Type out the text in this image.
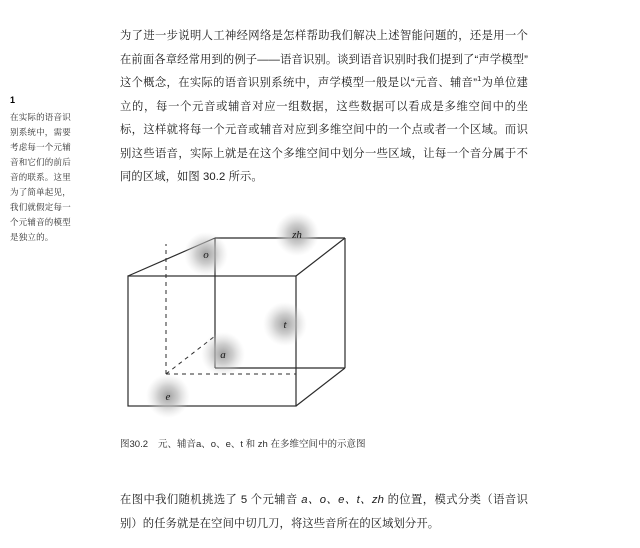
1
在实际的语音识别系统中，需要考虑每一个元辅音和它们的前后音的联系。这里为了简单起见，我们就假定每一个元辅音的模型是独立的。

为了进一步说明人工神经网络是怎样帮助我们解决上述智能问题的，还是用一个在前面各章经常用到的例子——语音识别。谈到语音识别时我们提到了“声学模型”这个概念，在实际的语音识别系统中，声学模型一般是以“元音、辅音”$^1$为单位建立的，每一个元音或辅音对应一组数据，这些数据可以看成是多维空间中的坐标，这样就将每一个元音或辅音对应到多维空间中的一个点或者一个区域。而识别这些语音，实际上就是在这个多维空间中划分一些区域，让每一个音分属于不同的区域，如图 30.2 所示。

o
zh
t
a
e
图30.2 元、辅音a、o、e、t 和 zh 在多维空间中的示意图

在图中我们随机挑选了 5 个元辅音 a、o、e、t、zh 的位置，模式分类（语音识别）的任务就是在空间中切几刀，将这些音所在的区域划分开。
